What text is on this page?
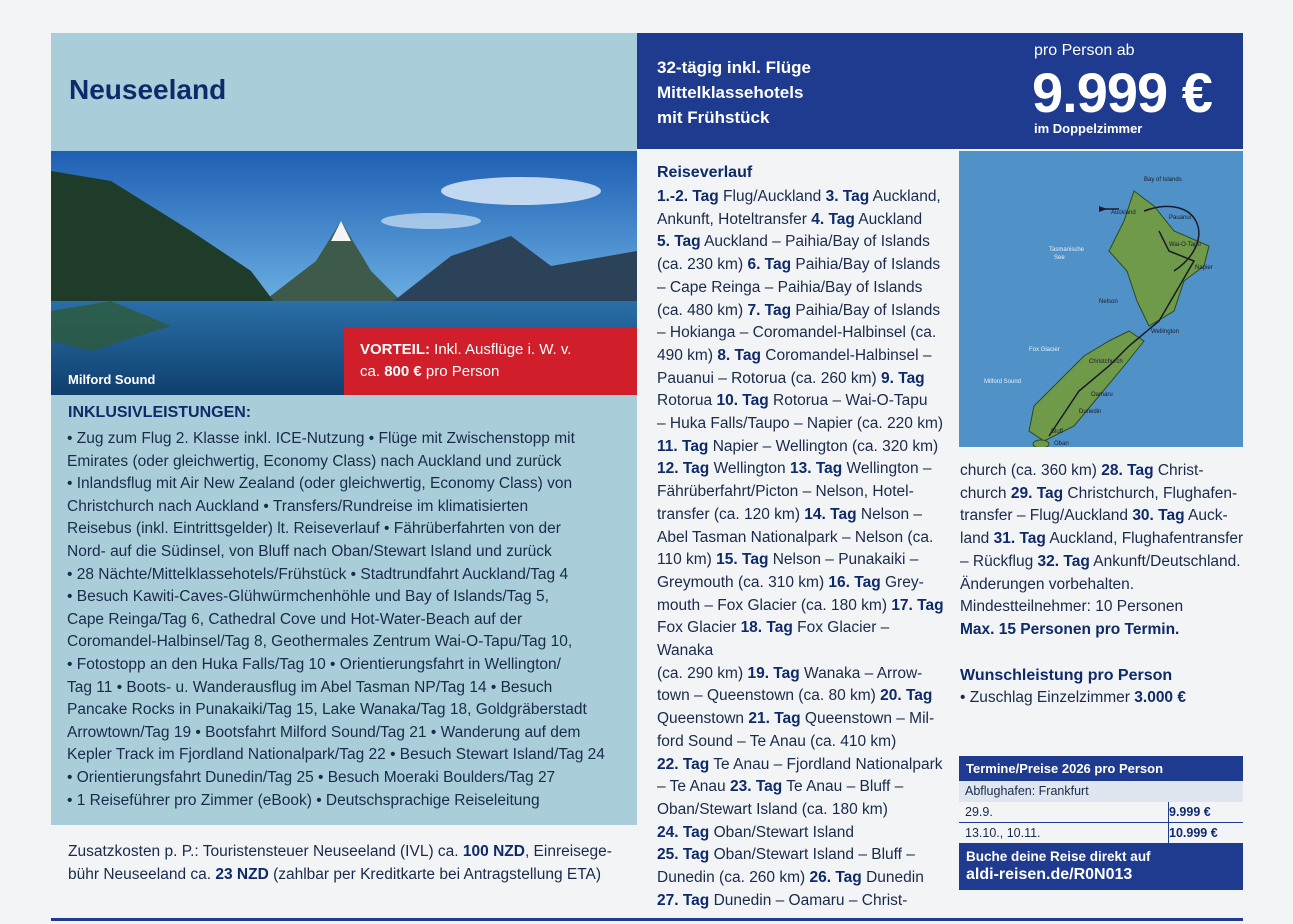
Neuseeland
Milford Sound
VORTEIL: Inkl. Ausflüge i. W. v.
ca. 800 € pro Person
INKLUSIVLEISTUNGEN:
• Zug zum Flug 2. Klasse inkl. ICE-Nutzung • Flüge mit Zwischenstopp mit
Emirates (oder gleichwertig, Economy Class) nach Auckland und zurück
• Inlandsflug mit Air New Zealand (oder gleichwertig, Economy Class) von
Christchurch nach Auckland • Transfers/Rundreise im klimatisierten
Reisebus (inkl. Eintrittsgelder) lt. Reiseverlauf • Fährüberfahrten von der
Nord- auf die Südinsel, von Bluff nach Oban/Stewart Island und zurück
• 28 Nächte/Mittelklassehotels/Frühstück • Stadtrundfahrt Auckland/Tag 4
• Besuch Kawiti-Caves-Glühwürmchenhöhle und Bay of Islands/Tag 5,
Cape Reinga/Tag 6, Cathedral Cove und Hot-Water-Beach auf der
Coromandel-Halbinsel/Tag 8, Geothermales Zentrum Wai-O-Tapu/Tag 10,
• Fotostopp an den Huka Falls/Tag 10 • Orientierungsfahrt in Wellington/
Tag 11 • Boots- u. Wanderausflug im Abel Tasman NP/Tag 14 • Besuch
Pancake Rocks in Punakaiki/Tag 15, Lake Wanaka/Tag 18, Goldgräberstadt
Arrowtown/Tag 19 • Bootsfahrt Milford Sound/Tag 21 • Wanderung auf dem
Kepler Track im Fjordland Nationalpark/Tag 22 • Besuch Stewart Island/Tag 24
• Orientierungsfahrt Dunedin/Tag 25 • Besuch Moeraki Boulders/Tag 27
• 1 Reiseführer pro Zimmer (eBook) • Deutschsprachige Reiseleitung
Zusatzkosten p. P.: Touristensteuer Neuseeland (IVL) ca. 100 NZD, Einreisege-
bühr Neuseeland ca. 23 NZD (zahlbar per Kreditkarte bei Antragstellung ETA)
32-tägig inkl. Flüge
Mittelklassehotels
mit Frühstück
pro Person ab
9.999 €
im Doppelzimmer
Reiseverlauf
1.-2. Tag Flug/Auckland 3. Tag Auckland,
Ankunft, Hoteltransfer 4. Tag Auckland
5. Tag Auckland – Paihia/Bay of Islands
(ca. 230 km) 6. Tag Paihia/Bay of Islands
– Cape Reinga – Paihia/Bay of Islands
(ca. 480 km) 7. Tag Paihia/Bay of Islands
– Hokianga – Coromandel-Halbinsel (ca.
490 km) 8. Tag Coromandel-Halbinsel –
Pauanui – Rotorua (ca. 260 km) 9. Tag
Rotorua 10. Tag Rotorua – Wai-O-Tapu
– Huka Falls/Taupo – Napier (ca. 220 km)
11. Tag Napier – Wellington (ca. 320 km)
12. Tag Wellington 13. Tag Wellington –
Fährüberfahrt/Picton – Nelson, Hotel-
transfer (ca. 120 km) 14. Tag Nelson –
Abel Tasman Nationalpark – Nelson (ca.
110 km) 15. Tag Nelson – Punakaiki –
Greymouth (ca. 310 km) 16. Tag Grey-
mouth – Fox Glacier (ca. 180 km) 17. Tag
Fox Glacier 18. Tag Fox Glacier – Wanaka
(ca. 290 km) 19. Tag Wanaka – Arrow-
town – Queenstown (ca. 80 km) 20. Tag
Queenstown 21. Tag Queenstown – Mil-
ford Sound – Te Anau (ca. 410 km)
22. Tag Te Anau – Fjordland Nationalpark
– Te Anau 23. Tag Te Anau – Bluff –
Oban/Stewart Island (ca. 180 km)
24. Tag Oban/Stewart Island
25. Tag Oban/Stewart Island – Bluff –
Dunedin (ca. 260 km) 26. Tag Dunedin
27. Tag Dunedin – Oamaru – Christ-
church (ca. 360 km) 28. Tag Christ-
church 29. Tag Christchurch, Flughafen-
transfer – Flug/Auckland 30. Tag Auck-
land 31. Tag Auckland, Flughafentransfer
– Rückflug 32. Tag Ankunft/Deutschland.
Änderungen vorbehalten.
Mindestteilnehmer: 10 Personen
Max. 15 Personen pro Termin.
Bay of Islands
Auckland
Pauanui
Wai-O-Tapu
Napier
Tasmanische
See
Nelson
Wellington
Fox Glacier
Christchurch
Milford Sound
Oamaru
Dunedin
Bluff
Oban
Wunschleistung pro Person
• Zuschlag Einzelzimmer 3.000 €
Termine/Preise 2026 pro Person
Abflughafen: Frankfurt
29.9.	9.999 €
13.10., 10.11.	10.999 €
Buche deine Reise direkt auf
aldi-reisen.de/R0N013
